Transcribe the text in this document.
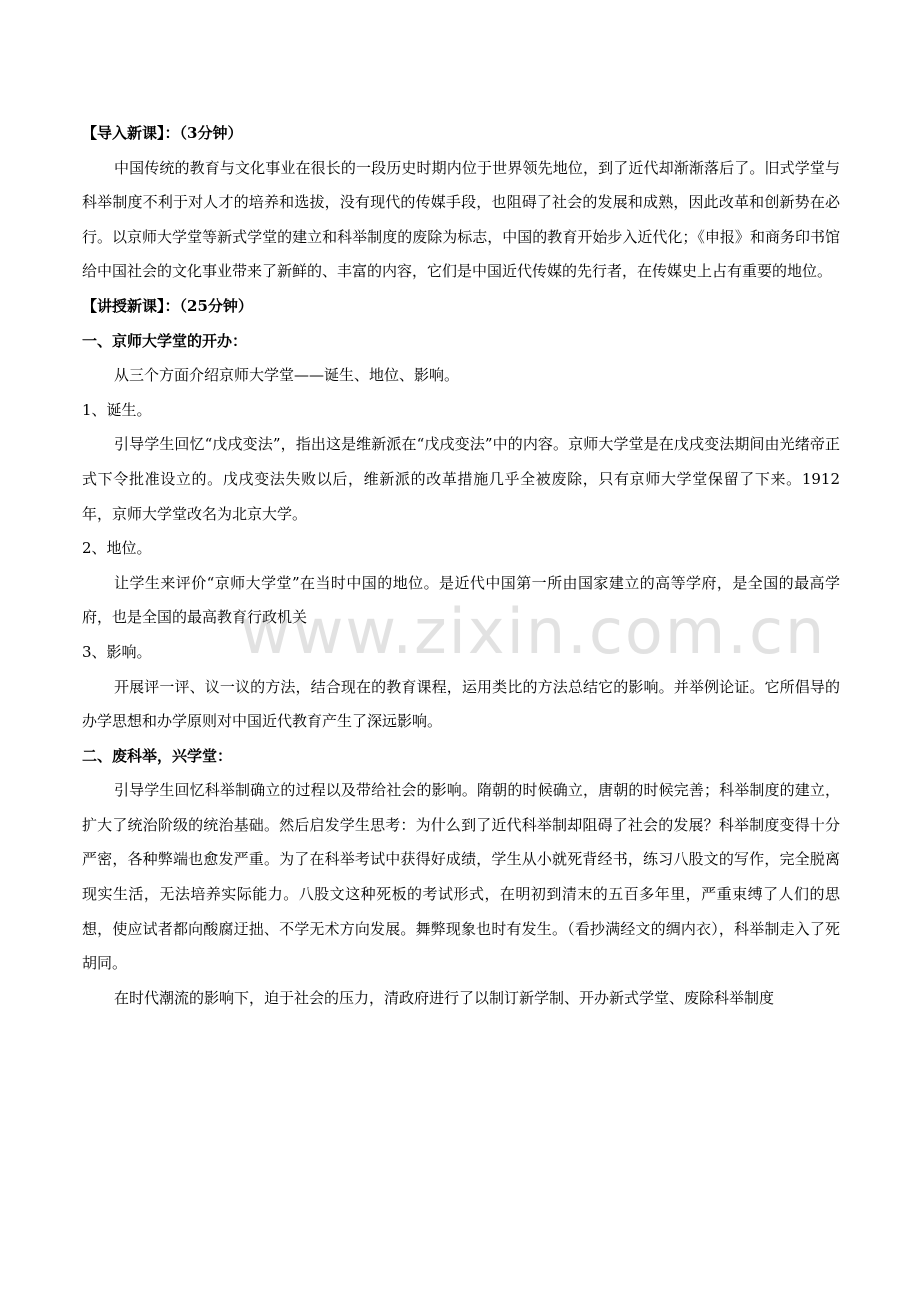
【导入新课】：（3分钟）

中国传统的教育与文化事业在很长的一段历史时期内位于世界领先地位，到了近代却渐渐落后了。旧式学堂与科举制度不利于对人才的培养和选拔，没有现代的传媒手段，也阻碍了社会的发展和成熟，因此改革和创新势在必行。以京师大学堂等新式学堂的建立和科举制度的废除为标志，中国的教育开始步入近代化；《申报》和商务印书馆给中国社会的文化事业带来了新鲜的、丰富的内容，它们是中国近代传媒的先行者，在传媒史上占有重要的地位。

【讲授新课】：（25分钟）

一、京师大学堂的开办：

从三个方面介绍京师大学堂——诞生、地位、影响。

1、诞生。

引导学生回忆“戊戌变法”，指出这是维新派在“戊戌变法”中的内容。京师大学堂是在戊戌变法期间由光绪帝正式下令批准设立的。戊戌变法失败以后，维新派的改革措施几乎全被废除，只有京师大学堂保留了下来。1912年，京师大学堂改名为北京大学。

2、地位。

让学生来评价“京师大学堂”在当时中国的地位。是近代中国第一所由国家建立的高等学府，是全国的最高学府，也是全国的最高教育行政机关

3、影响。

开展评一评、议一议的方法，结合现在的教育课程，运用类比的方法总结它的影响。并举例论证。它所倡导的办学思想和办学原则对中国近代教育产生了深远影响。

二、废科举，兴学堂：

引导学生回忆科举制确立的过程以及带给社会的影响。隋朝的时候确立，唐朝的时候完善；科举制度的建立，扩大了统治阶级的统治基础。然后启发学生思考：为什么到了近代科举制却阻碍了社会的发展？科举制度变得十分严密，各种弊端也愈发严重。为了在科举考试中获得好成绩，学生从小就死背经书，练习八股文的写作，完全脱离现实生活，无法培养实际能力。八股文这种死板的考试形式，在明初到清末的五百多年里，严重束缚了人们的思想，使应试者都向酸腐迂拙、不学无术方向发展。舞弊现象也时有发生。（看抄满经文的绸内衣），科举制走入了死胡同。

在时代潮流的影响下，迫于社会的压力，清政府进行了以制订新学制、开办新式学堂、废除科举制度

www.zixin.com.cn
